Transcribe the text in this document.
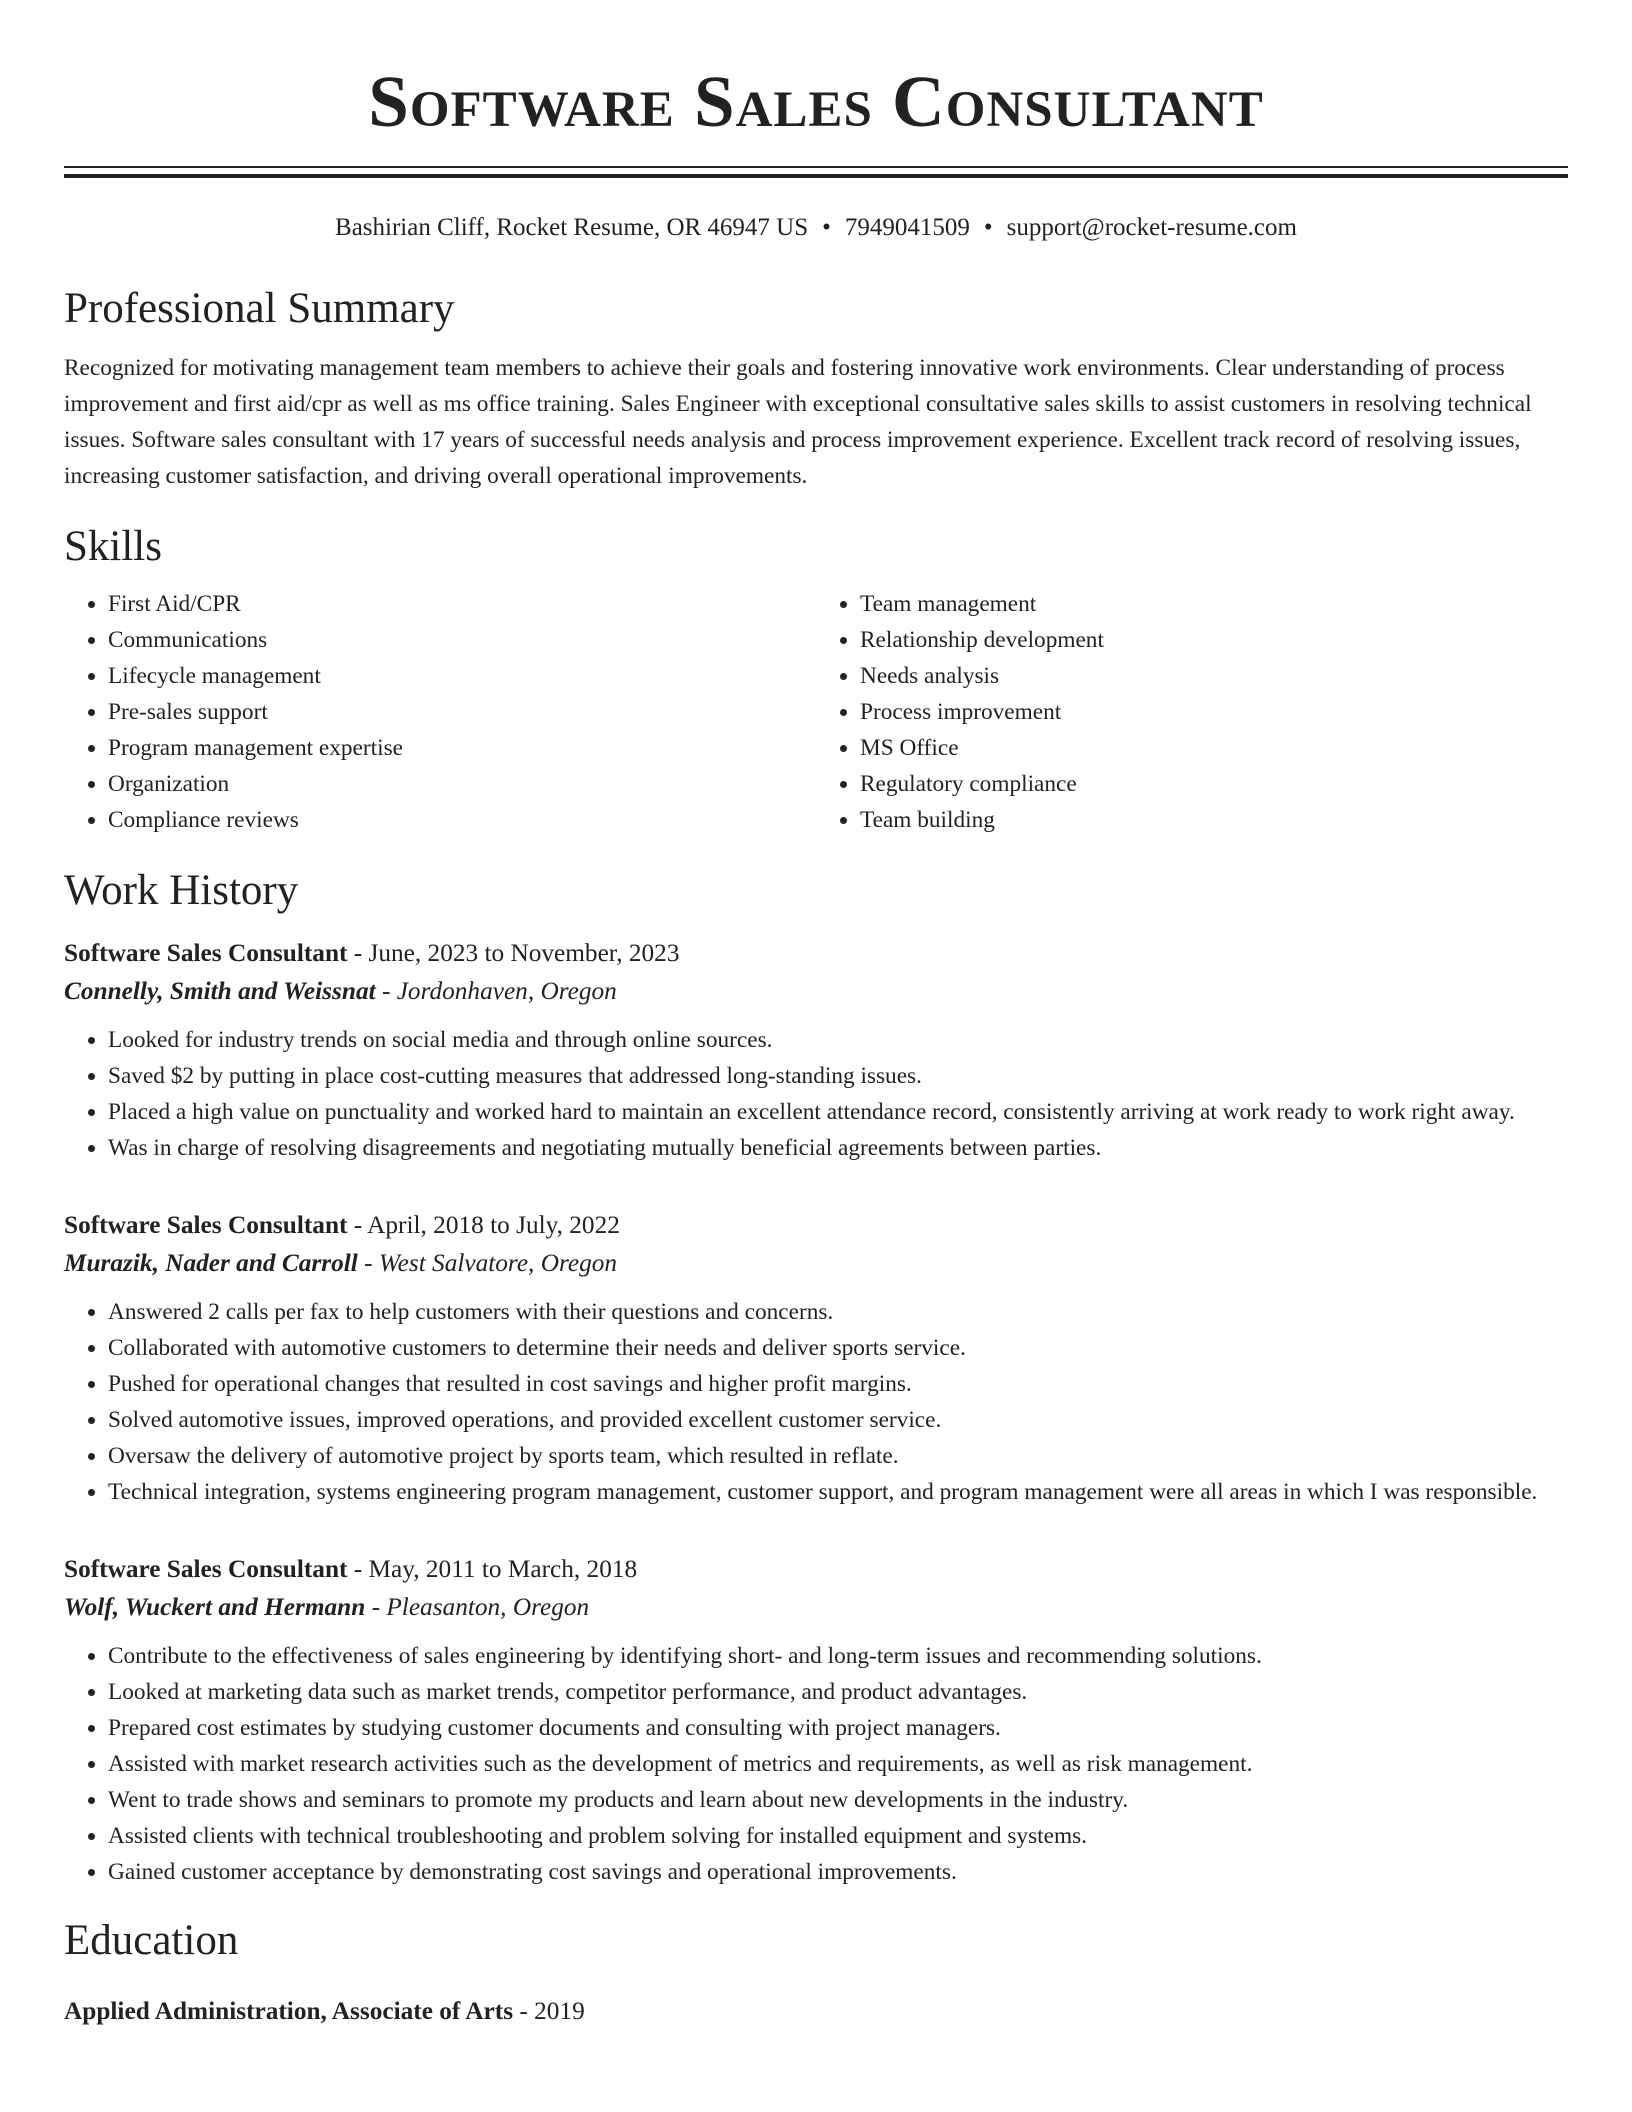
Software Sales Consultant
Bashirian Cliff, Rocket Resume, OR 46947 US • 7949041509 • support@rocket-resume.com
Professional Summary
Recognized for motivating management team members to achieve their goals and fostering innovative work environments. Clear understanding of process improvement and first aid/cpr as well as ms office training. Sales Engineer with exceptional consultative sales skills to assist customers in resolving technical issues. Software sales consultant with 17 years of successful needs analysis and process improvement experience. Excellent track record of resolving issues, increasing customer satisfaction, and driving overall operational improvements.
Skills
• First Aid/CPR
• Communications
• Lifecycle management
• Pre-sales support
• Program management expertise
• Organization
• Compliance reviews
• Team management
• Relationship development
• Needs analysis
• Process improvement
• MS Office
• Regulatory compliance
• Team building
Work History
Software Sales Consultant - June, 2023 to November, 2023
Connelly, Smith and Weissnat - Jordonhaven, Oregon
• Looked for industry trends on social media and through online sources.
• Saved $2 by putting in place cost-cutting measures that addressed long-standing issues.
• Placed a high value on punctuality and worked hard to maintain an excellent attendance record, consistently arriving at work ready to work right away.
• Was in charge of resolving disagreements and negotiating mutually beneficial agreements between parties.
Software Sales Consultant - April, 2018 to July, 2022
Murazik, Nader and Carroll - West Salvatore, Oregon
• Answered 2 calls per fax to help customers with their questions and concerns.
• Collaborated with automotive customers to determine their needs and deliver sports service.
• Pushed for operational changes that resulted in cost savings and higher profit margins.
• Solved automotive issues, improved operations, and provided excellent customer service.
• Oversaw the delivery of automotive project by sports team, which resulted in reflate.
• Technical integration, systems engineering program management, customer support, and program management were all areas in which I was responsible.
Software Sales Consultant - May, 2011 to March, 2018
Wolf, Wuckert and Hermann - Pleasanton, Oregon
• Contribute to the effectiveness of sales engineering by identifying short- and long-term issues and recommending solutions.
• Looked at marketing data such as market trends, competitor performance, and product advantages.
• Prepared cost estimates by studying customer documents and consulting with project managers.
• Assisted with market research activities such as the development of metrics and requirements, as well as risk management.
• Went to trade shows and seminars to promote my products and learn about new developments in the industry.
• Assisted clients with technical troubleshooting and problem solving for installed equipment and systems.
• Gained customer acceptance by demonstrating cost savings and operational improvements.
Education
Applied Administration, Associate of Arts - 2019
